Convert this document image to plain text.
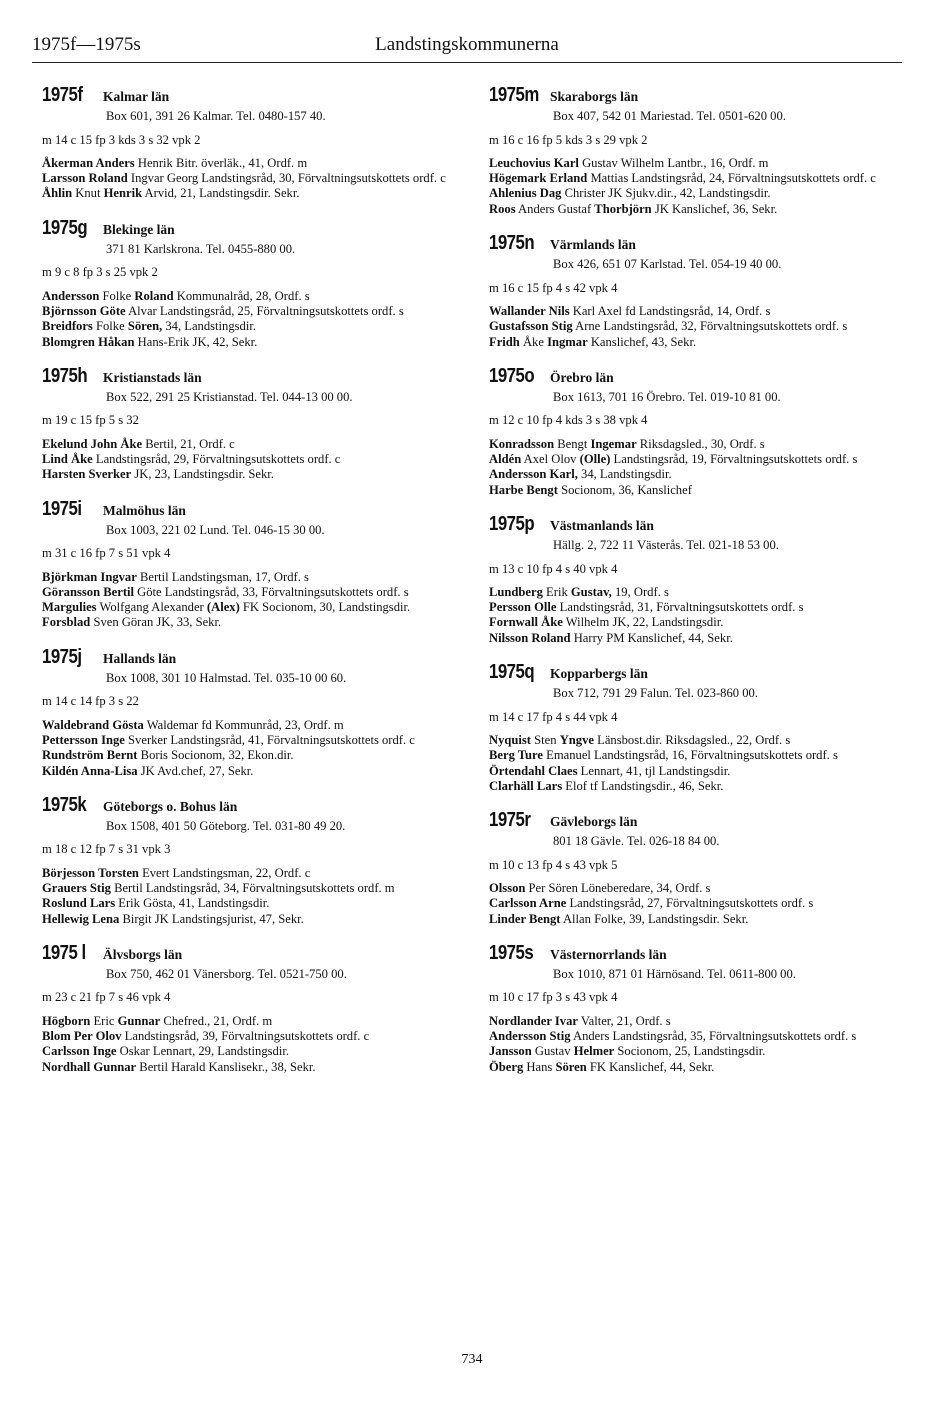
1975f—1975s	Landstingskommunerna
1975f	Kalmar län
Box 601, 391 26 Kalmar. Tel. 0480-157 40.
m 14 c 15 fp 3 kds 3 s 32 vpk 2
Åkerman Anders Henrik Bitr. överläk., 41, Ordf. m
Larsson Roland Ingvar Georg Landstingsråd, 30, Förvaltningsutskottets ordf. c
Åhlin Knut Henrik Arvid, 21, Landstingsdir. Sekr.
1975g Blekinge län
371 81 Karlskrona. Tel. 0455-880 00.
m 9 c 8 fp 3 s 25 vpk 2
Andersson Folke Roland Kommunalråd, 28, Ordf. s
Björnsson Göte Alvar Landstingsråd, 25, Förvaltningsutskottets ordf. s
Breidfors Folke Sören, 34, Landstingsdir.
Blomgren Håkan Hans-Erik JK, 42, Sekr.
1975h Kristianstads län
Box 522, 291 25 Kristianstad. Tel. 044-13 00 00.
m 19 c 15 fp 5 s 32
Ekelund John Åke Bertil, 21, Ordf. c
Lind Åke Landstingsråd, 29, Förvaltningsutskottets ordf. c
Harsten Sverker JK, 23, Landstingsdir. Sekr.
1975i	Malmöhus län
Box 1003, 221 02 Lund. Tel. 046-15 30 00.
m 31 c 16 fp 7 s 51 vpk 4
Björkman Ingvar Bertil Landstingsman, 17, Ordf. s
Göransson Bertil Göte Landstingsråd, 33, Förvaltningsutskottets ordf. s
Margulies Wolfgang Alexander (Alex) FK Socionom, 30, Landstingsdir.
Forsblad Sven Göran JK, 33, Sekr.
1975j	Hallands län
Box 1008, 301 10 Halmstad. Tel. 035-10 00 60.
m 14 c 14 fp 3 s 22
Waldebrand Gösta Waldemar fd Kommunråd, 23, Ordf. m
Pettersson Inge Sverker Landstingsråd, 41, Förvaltningsutskottets ordf. c
Rundström Bernt Boris Socionom, 32, Ekon.dir.
Kildén Anna-Lisa JK Avd.chef, 27, Sekr.
1975k Göteborgs o. Bohus län
Box 1508, 401 50 Göteborg. Tel. 031-80 49 20.
m 18 c 12 fp 7 s 31 vpk 3
Börjesson Torsten Evert Landstingsman, 22, Ordf. c
Grauers Stig Bertil Landstingsråd, 34, Förvaltningsutskottets ordf. m
Roslund Lars Erik Gösta, 41, Landstingsdir.
Hellewig Lena Birgit JK Landstingsjurist, 47, Sekr.
1975 l Älvsborgs län
Box 750, 462 01 Vänersborg. Tel. 0521-750 00.
m 23 c 21 fp 7 s 46 vpk 4
Högborn Eric Gunnar Chefred., 21, Ordf. m
Blom Per Olov Landstingsråd, 39, Förvaltningsutskottets ordf. c
Carlsson Inge Oskar Lennart, 29, Landstingsdir.
Nordhall Gunnar Bertil Harald Kanslisekr., 38, Sekr.
1975m Skaraborgs län
Box 407, 542 01 Mariestad. Tel. 0501-620 00.
m 16 c 16 fp 5 kds 3 s 29 vpk 2
Leuchovius Karl Gustav Wilhelm Lantbr., 16, Ordf. m
Högemark Erland Mattias Landstingsråd, 24, Förvaltningsutskottets ordf. c
Ahlenius Dag Christer JK Sjukv.dir., 42, Landstingsdir.
Roos Anders Gustaf Thorbjörn JK Kanslichef, 36, Sekr.
1975n Värmlands län
Box 426, 651 07 Karlstad. Tel. 054-19 40 00.
m 16 c 15 fp 4 s 42 vpk 4
Wallander Nils Karl Axel fd Landstingsråd, 14, Ordf. s
Gustafsson Stig Arne Landstingsråd, 32, Förvaltningsutskottets ordf. s
Fridh Åke Ingmar Kanslichef, 43, Sekr.
1975o Örebro län
Box 1613, 701 16 Örebro. Tel. 019-10 81 00.
m 12 c 10 fp 4 kds 3 s 38 vpk 4
Konradsson Bengt Ingemar Riksdagsled., 30, Ordf. s
Aldén Axel Olov (Olle) Landstingsråd, 19, Förvaltningsutskottets ordf. s
Andersson Karl, 34, Landstingsdir.
Harbe Bengt Socionom, 36, Kanslichef
1975p Västmanlands län
Hällg. 2, 722 11 Västerås. Tel. 021-18 53 00.
m 13 c 10 fp 4 s 40 vpk 4
Lundberg Erik Gustav, 19, Ordf. s
Persson Olle Landstingsråd, 31, Förvaltningsutskottets ordf. s
Fornwall Åke Wilhelm JK, 22, Landstingsdir.
Nilsson Roland Harry PM Kanslichef, 44, Sekr.
1975q Kopparbergs län
Box 712, 791 29 Falun. Tel. 023-860 00.
m 14 c 17 fp 4 s 44 vpk 4
Nyquist Sten Yngve Länsbost.dir. Riksdagsled., 22, Ordf. s
Berg Ture Emanuel Landstingsråd, 16, Förvaltningsutskottets ordf. s
Örtendahl Claes Lennart, 41, tjl Landstingsdir.
Clarhäll Lars Elof tf Landstingsdir., 46, Sekr.
1975r	Gävleborgs län
801 18 Gävle. Tel. 026-18 84 00.
m 10 c 13 fp 4 s 43 vpk 5
Olsson Per Sören Löneberedare, 34, Ordf. s
Carlsson Arne Landstingsråd, 27, Förvaltningsutskottets ordf. s
Linder Bengt Allan Folke, 39, Landstingsdir. Sekr.
1975s Västernorrlands län
Box 1010, 871 01 Härnösand. Tel. 0611-800 00.
m 10 c 17 fp 3 s 43 vpk 4
Nordlander Ivar Valter, 21, Ordf. s
Andersson Stig Anders Landstingsråd, 35, Förvaltningsutskottets ordf. s
Jansson Gustav Helmer Socionom, 25, Landstingsdir.
Öberg Hans Sören FK Kanslichef, 44, Sekr.
734
